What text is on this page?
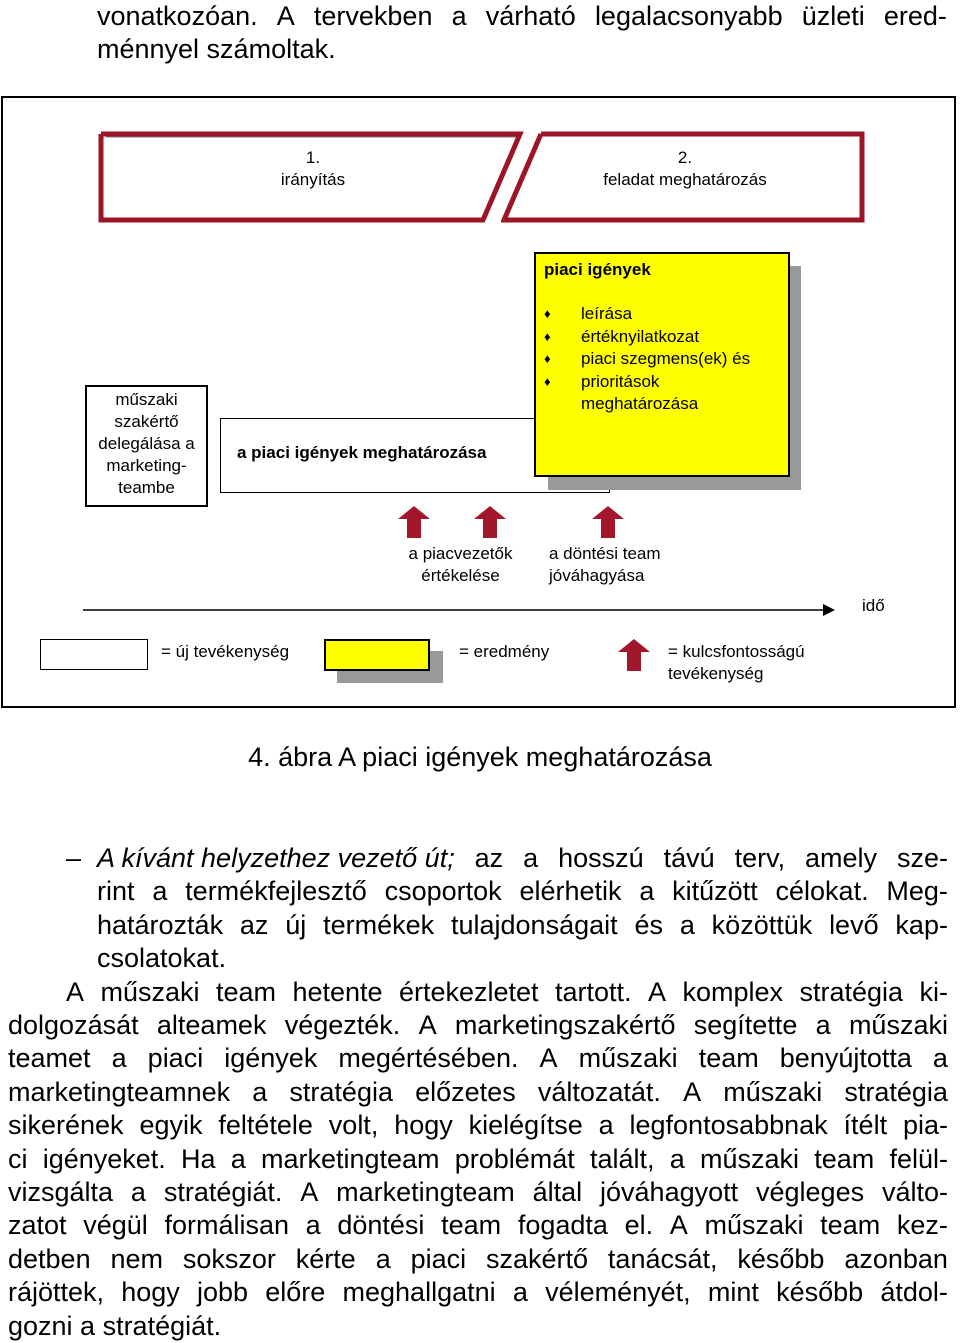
vonatkozóan. A tervekben a várható legalacsonyabb üzleti ered-
ménnyel számoltak.
1.
irányítás
2.
feladat meghatározás
műszaki
szakértő
delegálása a
marketing-
teambe
a piaci igények meghatározása
piaci igények
♦ leírása
♦ értéknyilatkozat
♦ piaci szegmens(ek) és
♦ prioritások
meghatározása
a piacvezetők
értékelése
a döntési team
jóváhagyása
idő
= új tevékenység	= eredmény	= kulcsfontosságú
tevékenység
4. ábra A piaci igények meghatározása
– A kívánt helyzethez vezető út; az a hosszú távú terv, amely sze-
rint a termékfejlesztő csoportok elérhetik a kitűzött célokat. Meg-
határozták az új termékek tulajdonságait és a közöttük levő kap-
csolatokat.
A műszaki team hetente értekezletet tartott. A komplex stratégia ki-
dolgozását alteamek végezték. A marketingszakértő segítette a műszaki
teamet a piaci igények megértésében. A műszaki team benyújtotta a
marketingteamnek a stratégia előzetes változatát. A műszaki stratégia
sikerének egyik feltétele volt, hogy kielégítse a legfontosabbnak ítélt pia-
ci igényeket. Ha a marketingteam problémát talált, a műszaki team felül-
vizsgálta a stratégiát. A marketingteam által jóváhagyott végleges válto-
zatot végül formálisan a döntési team fogadta el. A műszaki team kez-
detben nem sokszor kérte a piaci szakértő tanácsát, később azonban
rájöttek, hogy jobb előre meghallgatni a véleményét, mint később átdol-
gozni a stratégiát.
